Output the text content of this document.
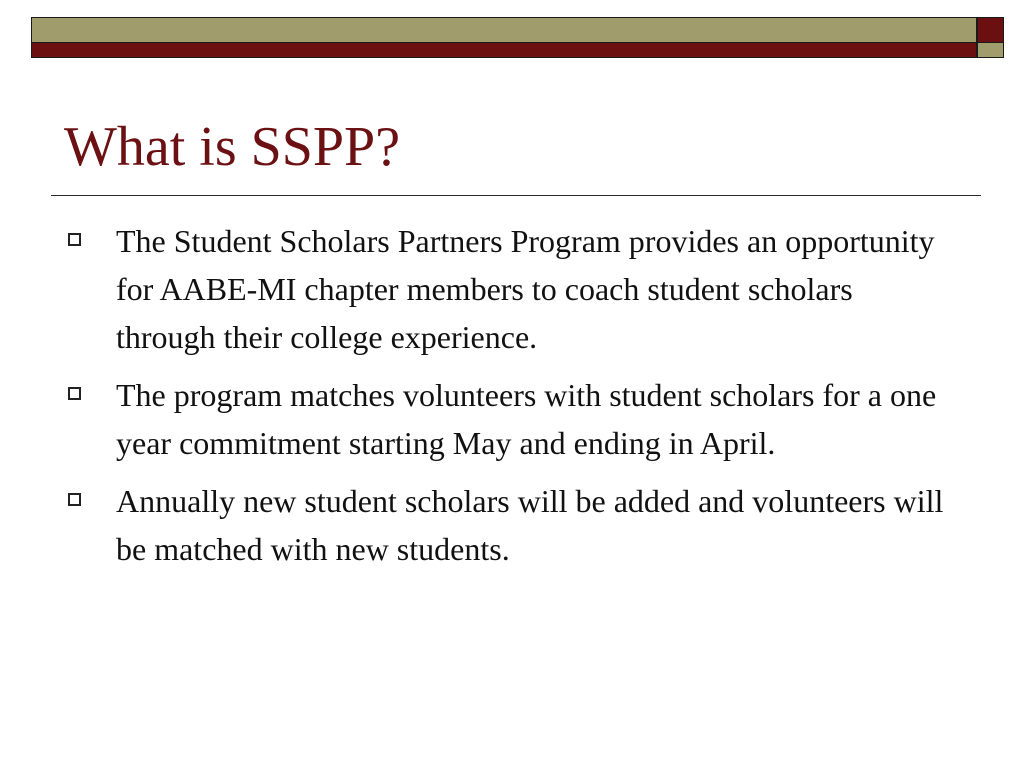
What is SSPP?
The Student Scholars Partners Program provides an opportunity for AABE-MI chapter members to coach student scholars through their college experience.
The program matches volunteers with student scholars for a one year commitment starting May and ending in April.
Annually new student scholars will be added and volunteers will be matched with new students.
